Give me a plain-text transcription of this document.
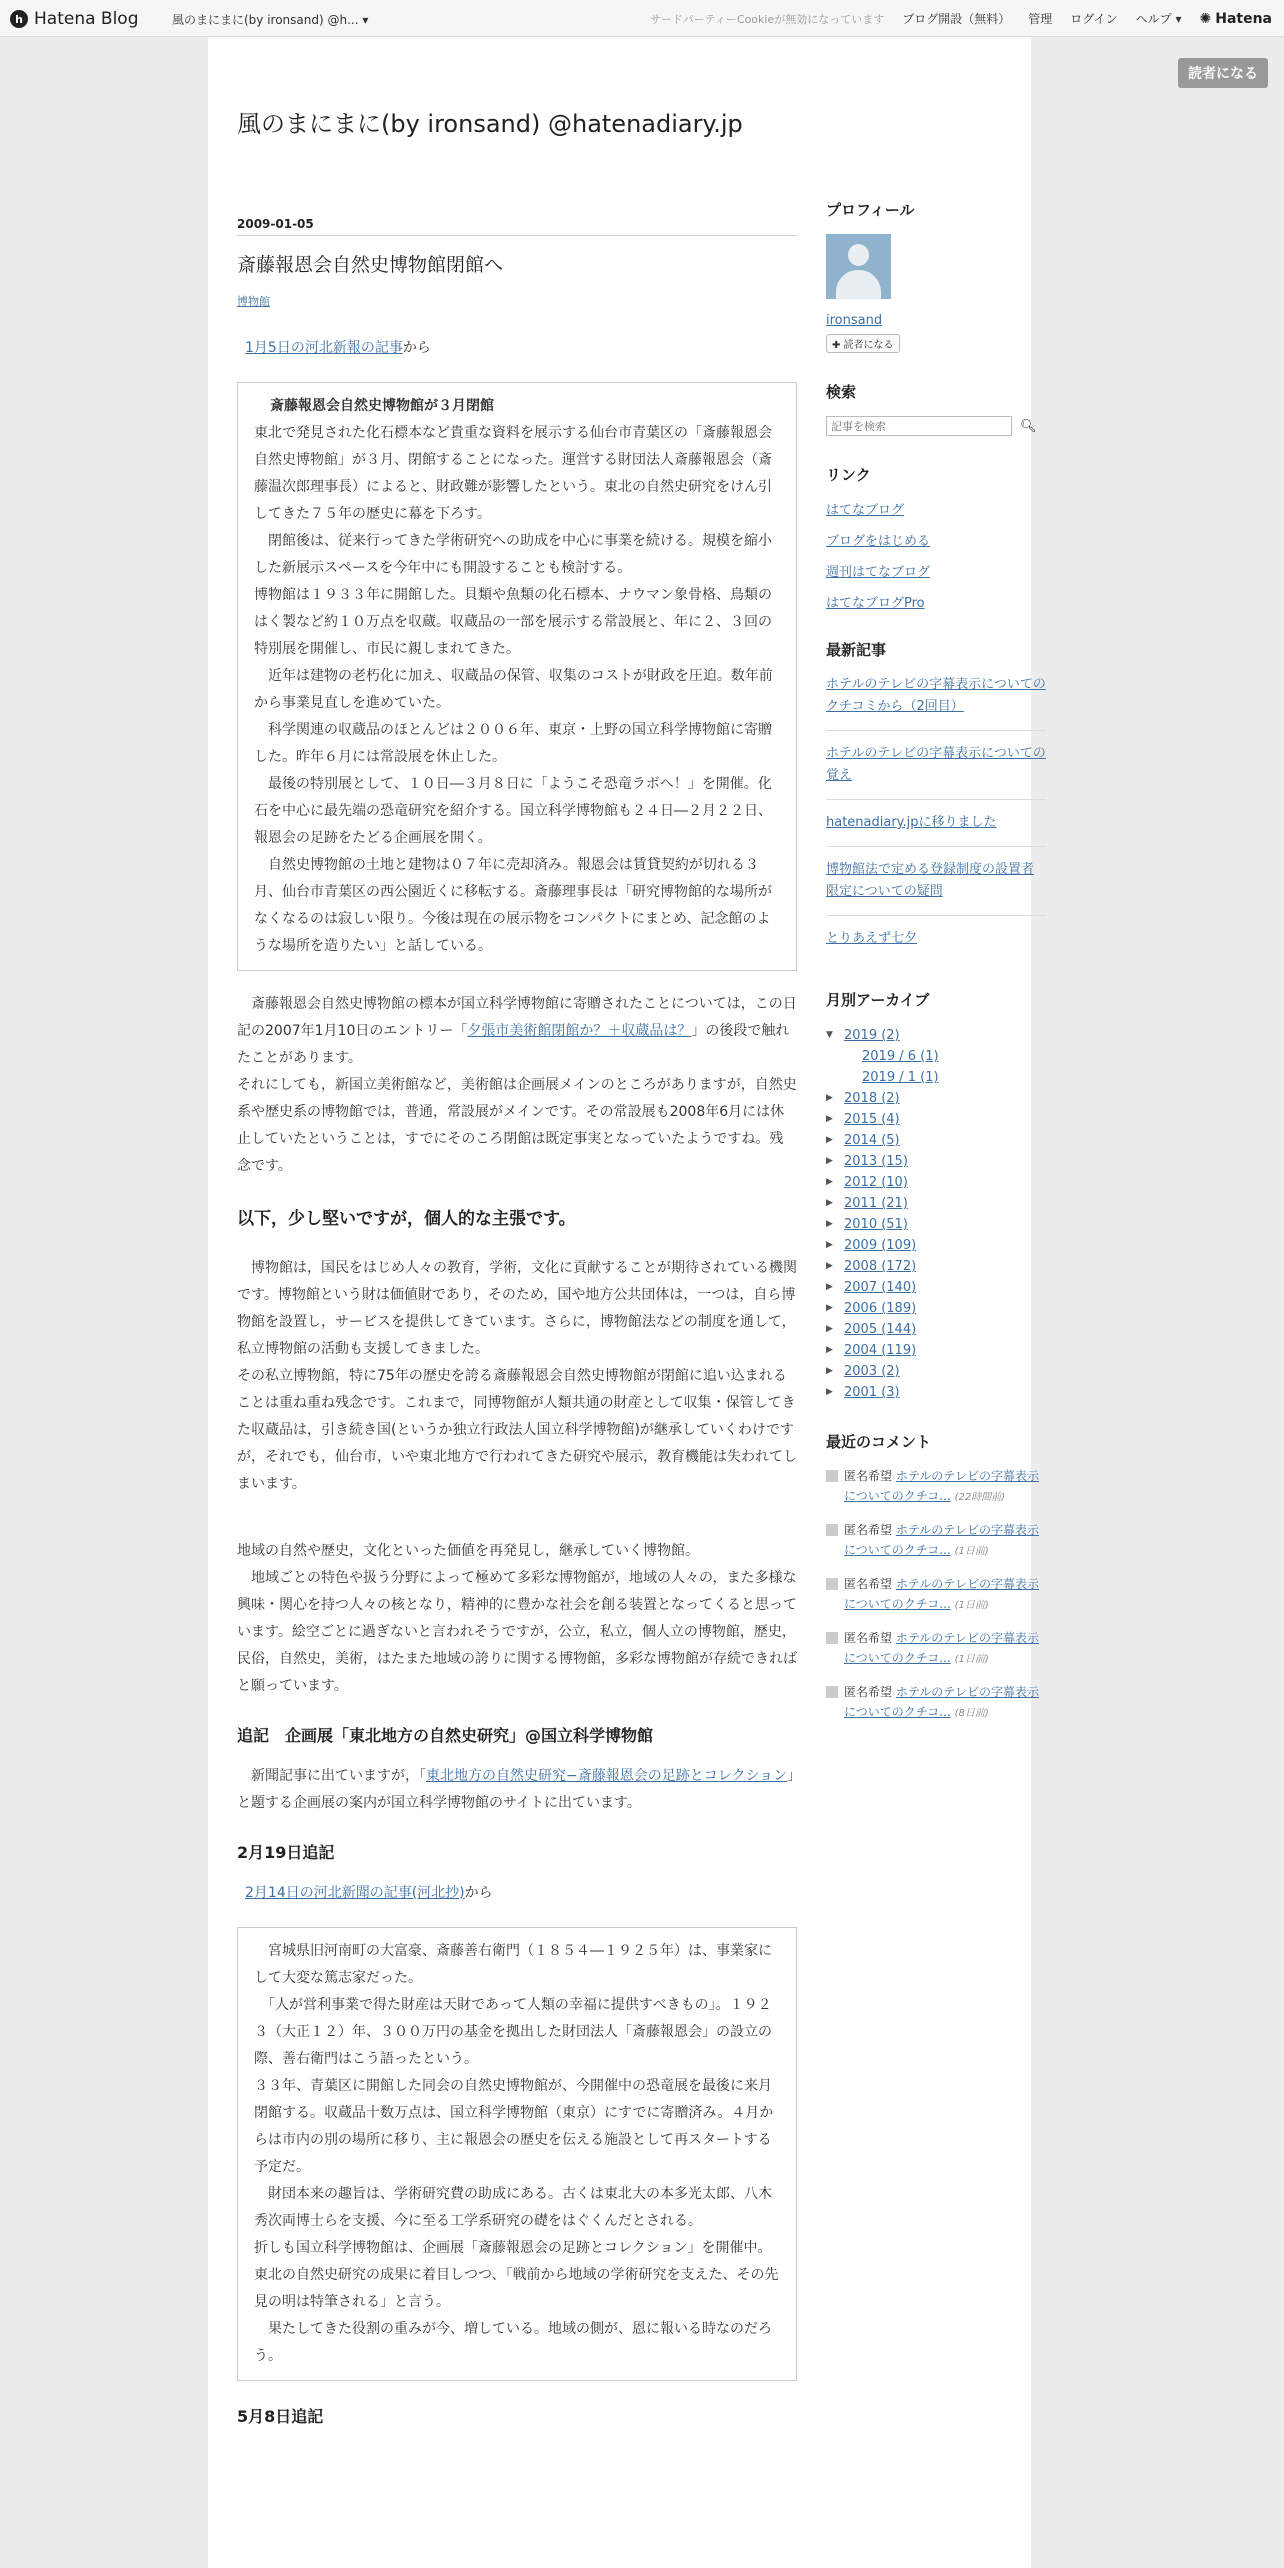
h Hatena Blog	風のまにまに(by ironsand) @h... ▾	サードパーティーCookieが無効になっています ブログ開設（無料） 管理 ログイン ヘルプ ▾ ✺ Hatena
読者になる
風のまにまに(by ironsand) @hatenadiary.jp
2009-01-05
斎藤報恩会自然史博物館閉館へ
博物館

1月5日の河北新報の記事から

斎藤報恩会自然史博物館が３月閉館

東北で発見された化石標本など貴重な資料を展示する仙台市青葉区の「斎藤報恩会自然史博物館」が３月、閉館することになった。運営する財団法人斎藤報恩会（斎藤温次郎理事長）によると、財政難が影響したという。東北の自然史研究をけん引してきた７５年の歴史に幕を下ろす。

　閉館後は、従来行ってきた学術研究への助成を中心に事業を続ける。規模を縮小した新展示スペースを今年中にも開設することも検討する。

博物館は１９３３年に開館した。貝類や魚類の化石標本、ナウマン象骨格、鳥類のはく製など約１０万点を収蔵。収蔵品の一部を展示する常設展と、年に２、３回の特別展を開催し、市民に親しまれてきた。

　近年は建物の老朽化に加え、収蔵品の保管、収集のコストが財政を圧迫。数年前から事業見直しを進めていた。

　科学関連の収蔵品のほとんどは２００６年、東京・上野の国立科学博物館に寄贈した。昨年６月には常設展を休止した。

　最後の特別展として、１０日―３月８日に「ようこそ恐竜ラボへ！」を開催。化石を中心に最先端の恐竜研究を紹介する。国立科学博物館も２４日―２月２２日、報恩会の足跡をたどる企画展を開く。

　自然史博物館の土地と建物は０７年に売却済み。報恩会は賃貸契約が切れる３月、仙台市青葉区の西公園近くに移転する。斎藤理事長は「研究博物館的な場所がなくなるのは寂しい限り。今後は現在の展示物をコンパクトにまとめ、記念館のような場所を造りたい」と話している。

　斎藤報恩会自然史博物館の標本が国立科学博物館に寄贈されたことについては，この日記の2007年1月10日のエントリー「夕張市美術館閉館か？＋収蔵品は？」の後段で触れたことがあります。

それにしても，新国立美術館など，美術館は企画展メインのところがありますが，自然史系や歴史系の博物館では，普通，常設展がメインです。その常設展も2008年6月には休止していたということは，すでにそのころ閉館は既定事実となっていたようですね。残念です。

以下，少し堅いですが，個人的な主張です。

　博物館は，国民をはじめ人々の教育，学術，文化に貢献することが期待されている機関です。博物館という財は価値財であり，そのため，国や地方公共団体は，一つは，自ら博物館を設置し，サービスを提供してきています。さらに，博物館法などの制度を通して，私立博物館の活動も支援してきました。

その私立博物館，特に75年の歴史を誇る斎藤報恩会自然史博物館が閉館に追い込まれることは重ね重ね残念です。これまで，同博物館が人類共通の財産として収集・保管してきた収蔵品は，引き続き国(というか独立行政法人国立科学博物館)が継承していくわけですが，それでも，仙台市，いや東北地方で行われてきた研究や展示，教育機能は失われてしまいます。

地域の自然や歴史，文化といった価値を再発見し，継承していく博物館。

　地域ごとの特色や扱う分野によって極めて多彩な博物館が，地域の人々の，また多様な興味・関心を持つ人々の核となり，精神的に豊かな社会を創る装置となってくると思っています。絵空ごとに過ぎないと言われそうですが，公立，私立，個人立の博物館，歴史，民俗，自然史，美術，はたまた地域の誇りに関する博物館，多彩な博物館が存続できればと願っています。

追記　企画展「東北地方の自然史研究」@国立科学博物館

　新聞記事に出ていますが，「東北地方の自然史研究−斎藤報恩会の足跡とコレクション」と題する企画展の案内が国立科学博物館のサイトに出ています。

2月19日追記

2月14日の河北新聞の記事(河北抄)から

　宮城県旧河南町の大富豪、斎藤善右衛門（１８５４―１９２５年）は、事業家にして大変な篤志家だった。

　「人が営利事業で得た財産は天財であって人類の幸福に提供すべきもの」。１９２３（大正１２）年、３００万円の基金を拠出した財団法人「斎藤報恩会」の設立の際、善右衛門はこう語ったという。

３３年、青葉区に開館した同会の自然史博物館が、今開催中の恐竜展を最後に来月閉館する。収蔵品十数万点は、国立科学博物館（東京）にすでに寄贈済み。４月からは市内の別の場所に移り、主に報恩会の歴史を伝える施設として再スタートする予定だ。

　財団本来の趣旨は、学術研究費の助成にある。古くは東北大の本多光太郎、八木秀次両博士らを支援、今に至る工学系研究の礎をはぐくんだとされる。

折しも国立科学博物館は、企画展「斎藤報恩会の足跡とコレクション」を開催中。東北の自然史研究の成果に着目しつつ、「戦前から地域の学術研究を支えた、その先見の明は特筆される」と言う。

　果たしてきた役割の重みが今、増している。地域の側が、恩に報いる時なのだろう。

5月8日追記
プロフィール
ironsand
✚ 読者になる
検索
記事を検索
🔍︎
リンク
はてなブログ
ブログをはじめる
週刊はてなブログ
はてなブログPro
最新記事
ホテルのテレビの字幕表示についてのクチコミから（2回目）
ホテルのテレビの字幕表示についての覚え
hatenadiary.jpに移りました
博物館法で定める登録制度の設置者限定についての疑問
とりあえず七夕
月別アーカイブ
▼ 2019 (2)
2019 / 6 (1)
2019 / 1 (1)
▶ 2018 (2)
▶ 2015 (4)
▶ 2014 (5)
▶ 2013 (15)
▶ 2012 (10)
▶ 2011 (21)
▶ 2010 (51)
▶ 2009 (109)
▶ 2008 (172)
▶ 2007 (140)
▶ 2006 (189)
▶ 2005 (144)
▶ 2004 (119)
▶ 2003 (2)
▶ 2001 (3)
最近のコメント
匿名希望 ホテルのテレビの字幕表示についてのクチコ... (22時間前)
匿名希望 ホテルのテレビの字幕表示についてのクチコ... (1日前)
匿名希望 ホテルのテレビの字幕表示についてのクチコ... (1日前)
匿名希望 ホテルのテレビの字幕表示についてのクチコ... (1日前)
匿名希望 ホテルのテレビの字幕表示についてのクチコ... (8日前)
